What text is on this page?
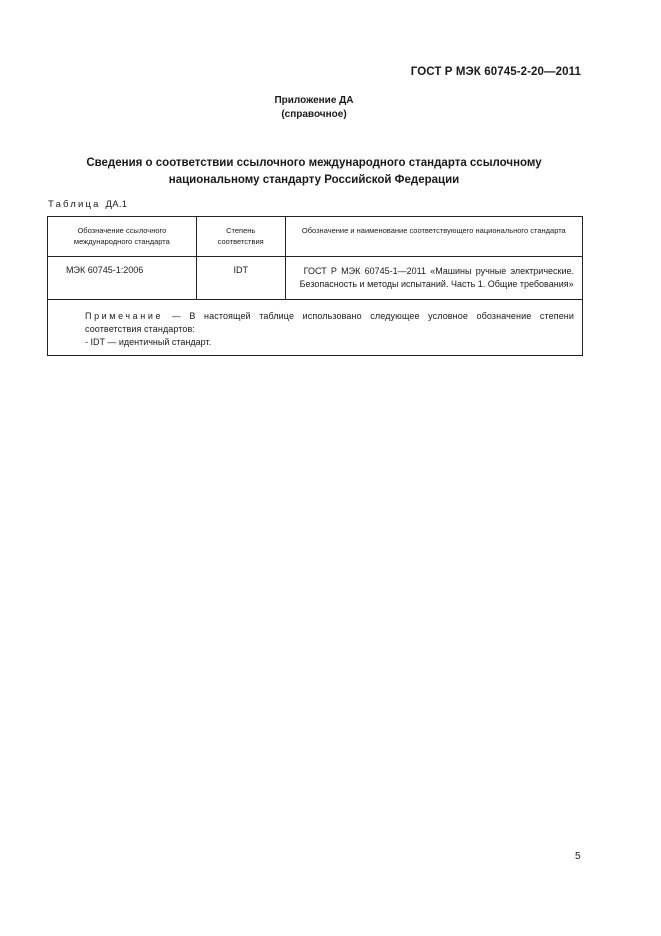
ГОСТ Р МЭК 60745-2-20—2011
Приложение ДА
(справочное)
Сведения о соответствии ссылочного международного стандарта ссылочному
национальному стандарту Российской Федерации
Таблица ДА.1
Обозначение ссылочного международного стандарта	Степень соответствия	Обозначение и наименование соответствующего национального стандарта
МЭК 60745-1:2006	IDT	ГОСТ Р МЭК 60745-1—2011 «Машины ручные электрические. Безопасность и методы испытаний. Часть 1. Общие требования»

Примечание — В настоящей таблице использовано следующее условное обозначение степени соответствия стандартов:
- IDT — идентичный стандарт.		
5
